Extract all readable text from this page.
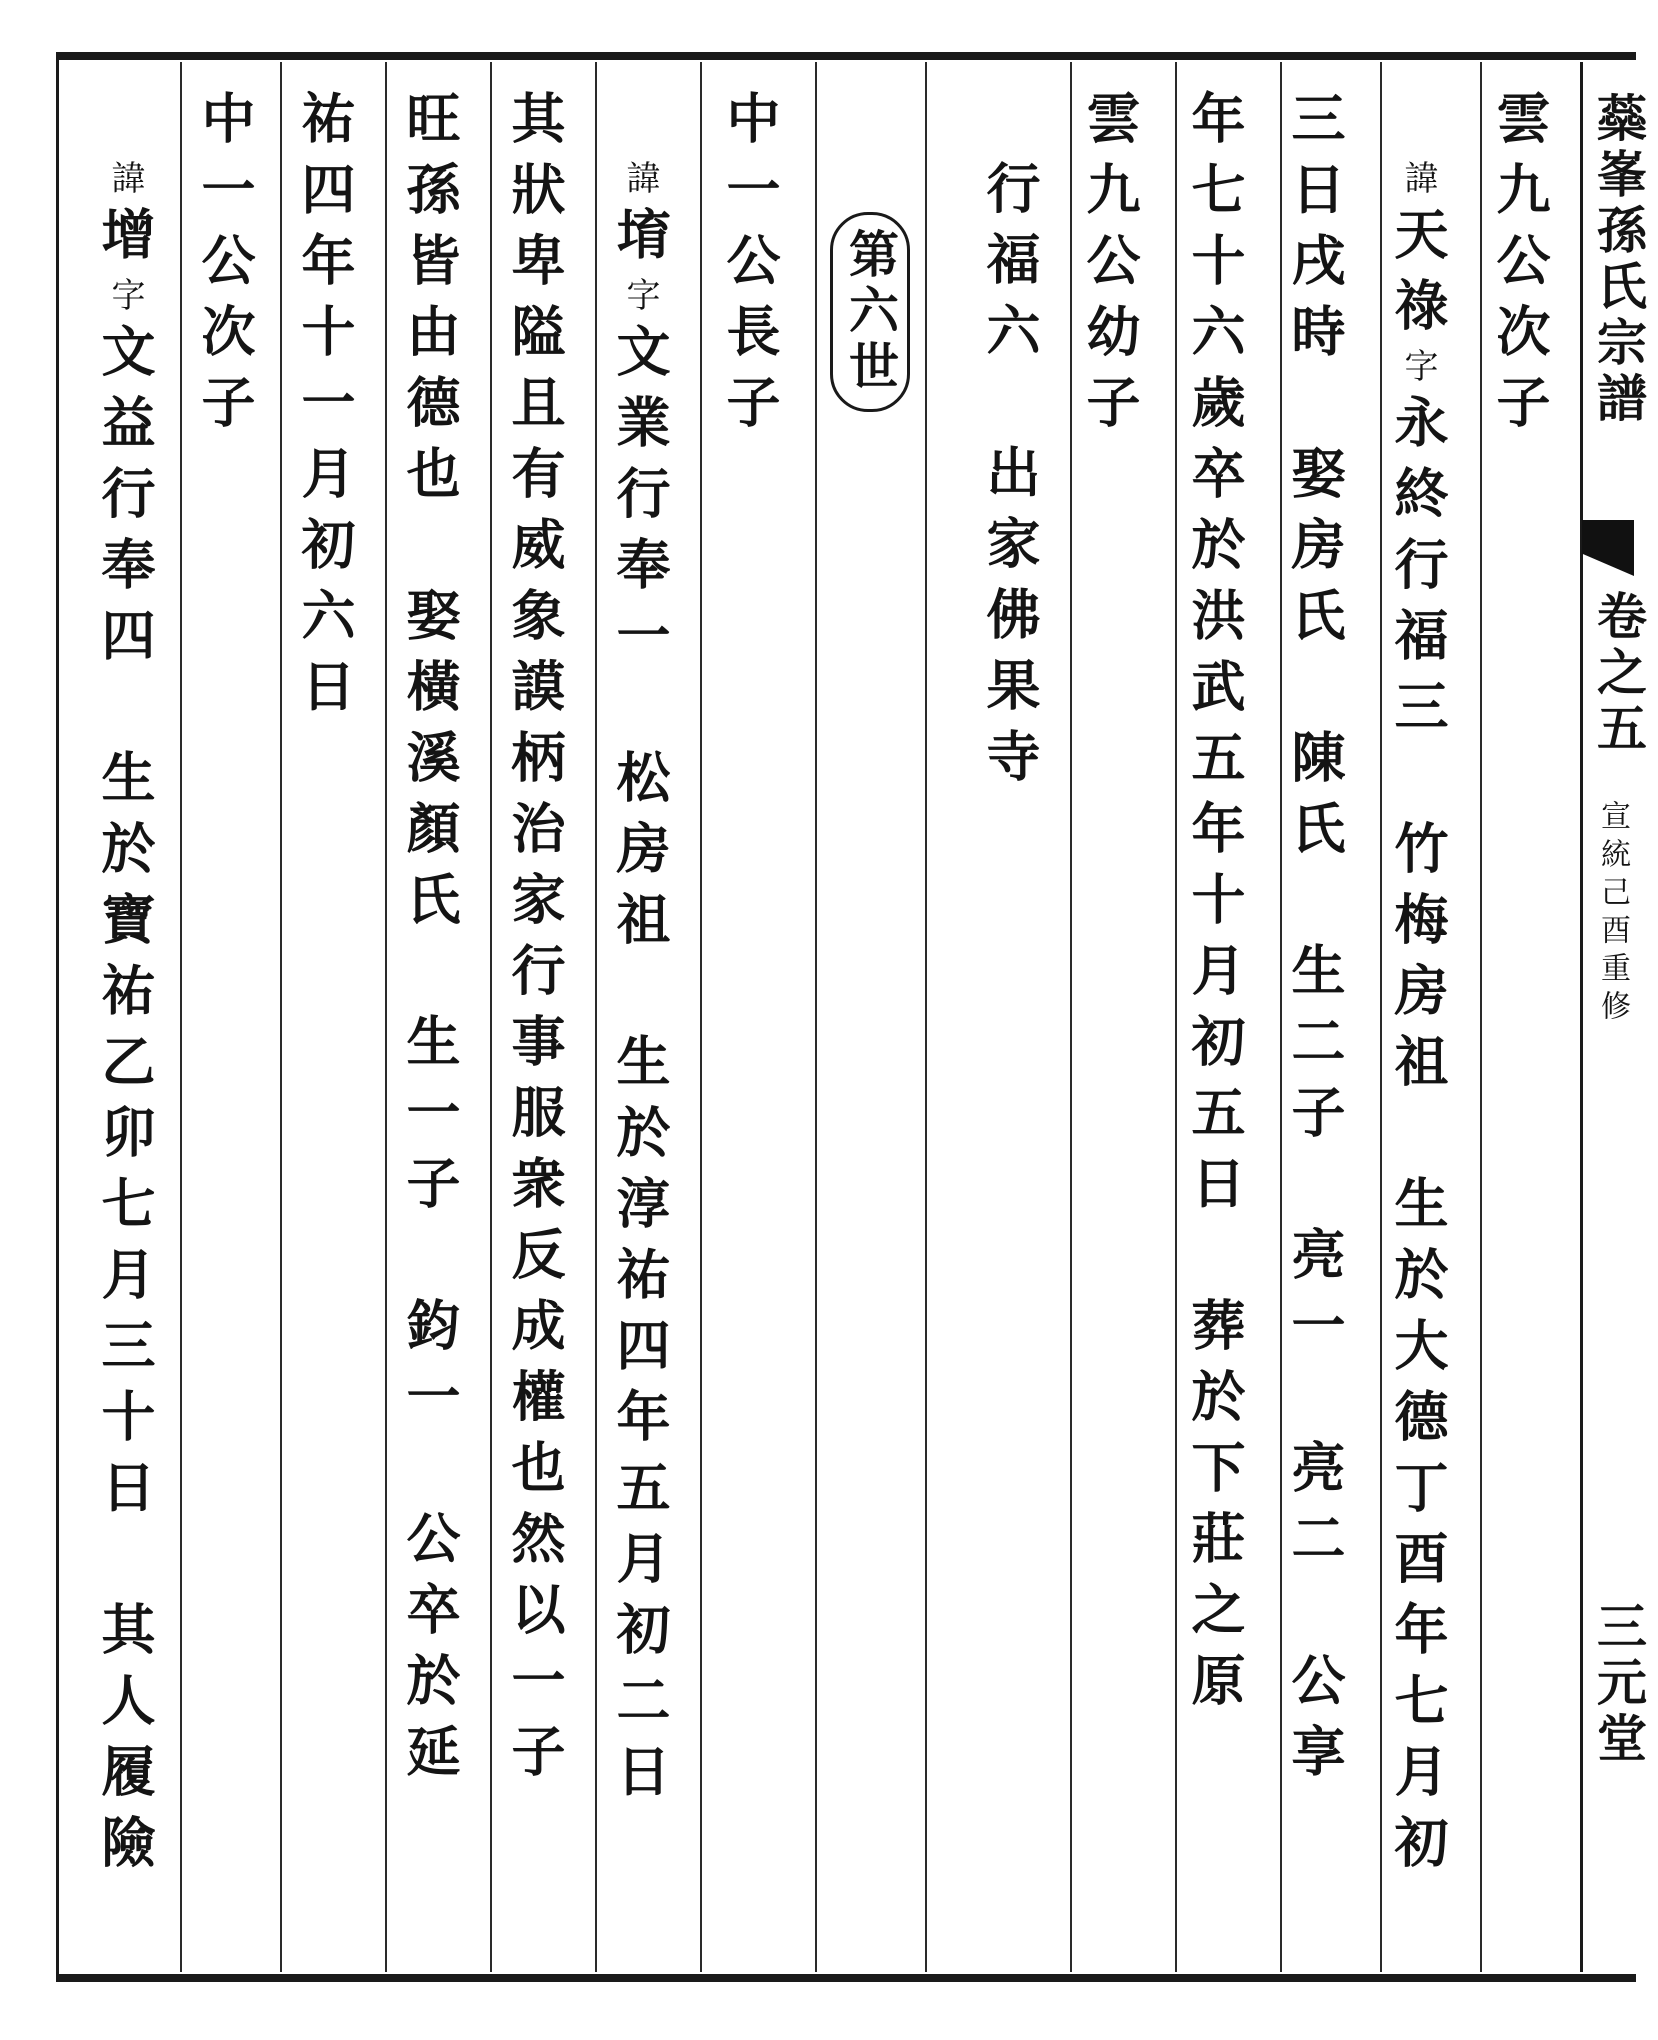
蘂峯孫氏宗譜
卷之五
宣統己酉重修
三元堂
雲九公次子
諱天祿字永終行福三　竹梅房祖　生於大德丁酉年七月初
三日戌時　娶房氏　陳氏　生二子　亮一　亮二　公享
年七十六歲卒於洪武五年十月初五日　葬於下莊之原
雲九公幼子
行福六　出家佛果寺
第六世
中一公長子
諱堉字文業行奉一　松房祖　生於淳祐四年五月初二日
其狀卑隘且有威象謨柄治家行事服衆反成權也然以一子
旺孫皆由德也　娶橫溪顏氏　生一子　鈞一　公卒於延
祐四年十一月初六日
中一公次子
諱增字文益行奉四　生於寶祐乙卯七月三十日　其人履險
